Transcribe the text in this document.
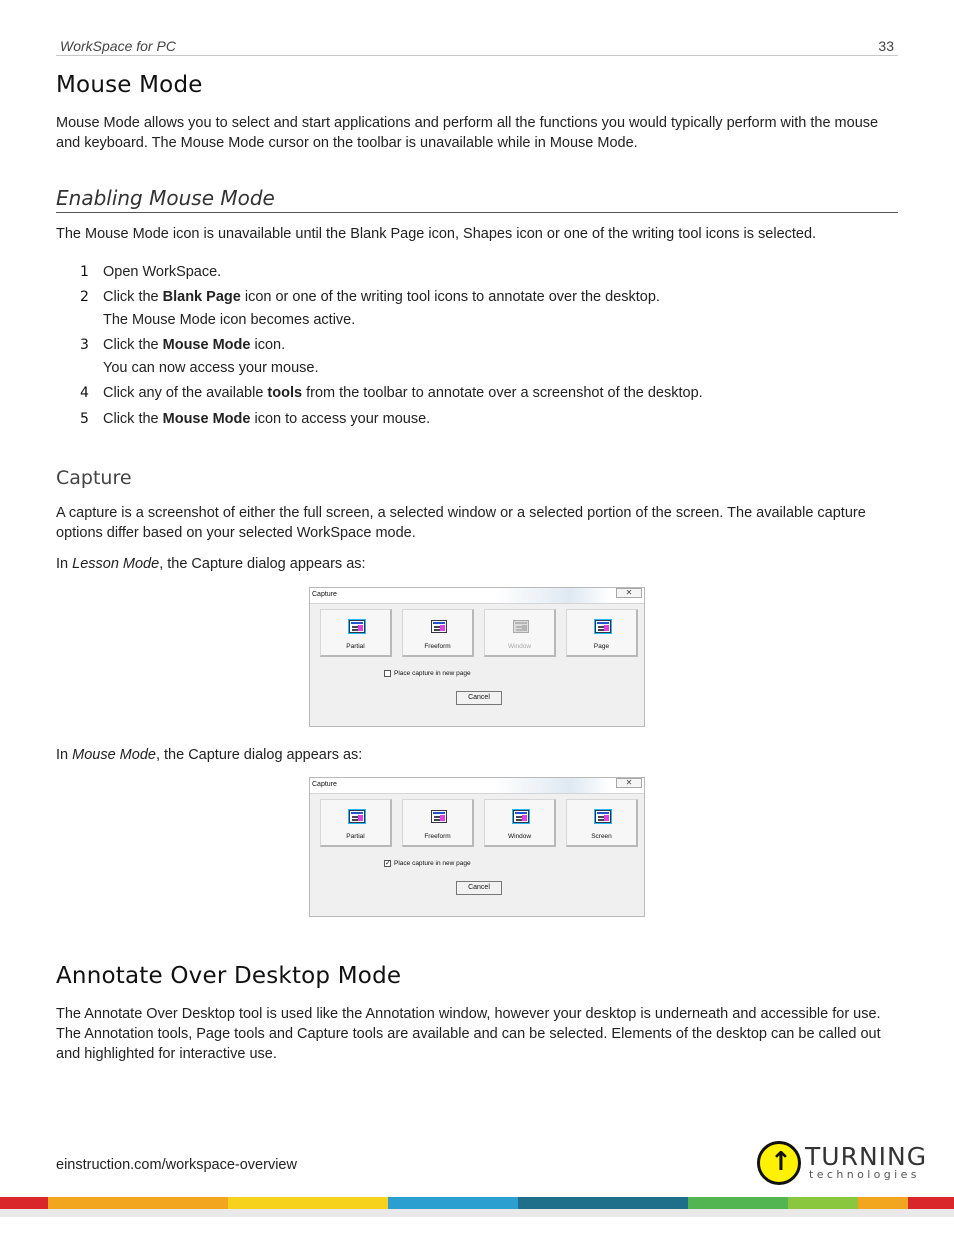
WorkSpace for PC	33
Mouse Mode

Mouse Mode allows you to select and start applications and perform all the functions you would typically perform with the mouse and keyboard. The Mouse Mode cursor on the toolbar is unavailable while in Mouse Mode.

Enabling Mouse Mode

The Mouse Mode icon is unavailable until the Blank Page icon, Shapes icon or one of the writing tool icons is selected.

1 Open WorkSpace.
2 Click the Blank Page icon or one of the writing tool icons to annotate over the desktop.
The Mouse Mode icon becomes active.
3 Click the Mouse Mode icon.
You can now access your mouse.
4 Click any of the available tools from the toolbar to annotate over a screenshot of the desktop.
5 Click the Mouse Mode icon to access your mouse.
Capture

A capture is a screenshot of either the full screen, a selected window or a selected portion of the screen. The available capture options differ based on your selected WorkSpace mode.

In Lesson Mode, the Capture dialog appears as:

Capture	✕
Partial	Freeform	Window	Page
Place capture in new page
Cancel

In Mouse Mode, the Capture dialog appears as:

Capture	✕
Partial	Freeform	Window	Screen
✓ Place capture in new page
Cancel
Annotate Over Desktop Mode

The Annotate Over Desktop tool is used like the Annotation window, however your desktop is underneath and accessible for use. The Annotation tools, Page tools and Capture tools are available and can be selected. Elements of the desktop can be called out and highlighted for interactive use.

einstruction.com/workspace-overview	↑ TURNING
technologies
